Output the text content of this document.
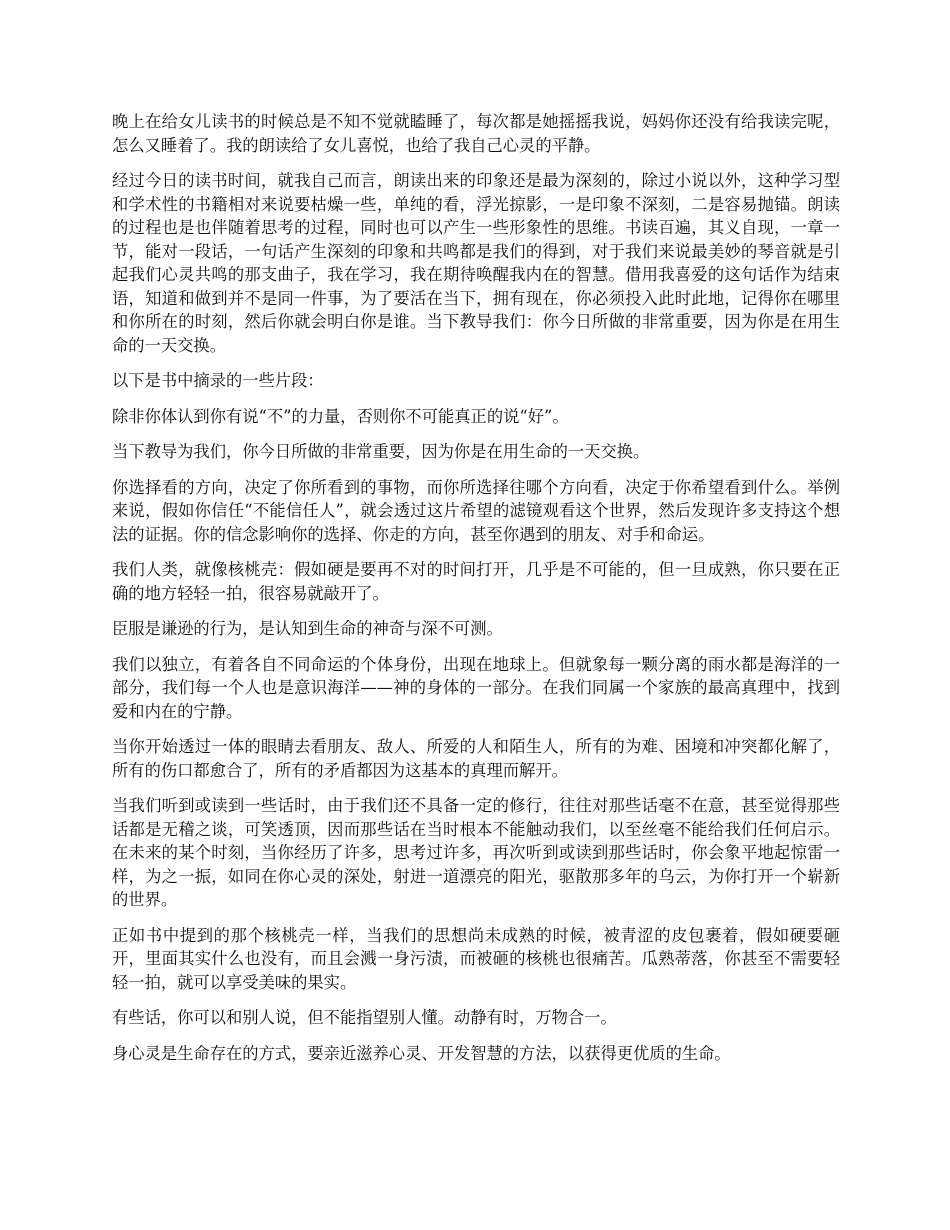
晚上在给女儿读书的时候总是不知不觉就瞌睡了，每次都是她摇摇我说，妈妈你还没有给我读完呢，怎么又睡着了。我的朗读给了女儿喜悦，也给了我自己心灵的平静。

经过今日的读书时间，就我自己而言，朗读出来的印象还是最为深刻的，除过小说以外，这种学习型和学术性的书籍相对来说要枯燥一些，单纯的看，浮光掠影，一是印象不深刻，二是容易抛锚。朗读的过程也是也伴随着思考的过程，同时也可以产生一些形象性的思维。书读百遍，其义自现，一章一节，能对一段话，一句话产生深刻的印象和共鸣都是我们的得到，对于我们来说最美妙的琴音就是引起我们心灵共鸣的那支曲子，我在学习，我在期待唤醒我内在的智慧。借用我喜爱的这句话作为结束语，知道和做到并不是同一件事，为了要活在当下，拥有现在，你必须投入此时此地，记得你在哪里和你所在的时刻，然后你就会明白你是谁。当下教导我们：你今日所做的非常重要，因为你是在用生命的一天交换。

以下是书中摘录的一些片段：

除非你体认到你有说“不”的力量，否则你不可能真正的说“好”。

当下教导为我们，你今日所做的非常重要，因为你是在用生命的一天交换。

你选择看的方向，决定了你所看到的事物，而你所选择往哪个方向看，决定于你希望看到什么。举例来说，假如你信任“不能信任人”，就会透过这片希望的滤镜观看这个世界，然后发现许多支持这个想法的证据。你的信念影响你的选择、你走的方向，甚至你遇到的朋友、对手和命运。

我们人类，就像核桃壳：假如硬是要再不对的时间打开，几乎是不可能的，但一旦成熟，你只要在正确的地方轻轻一拍，很容易就敲开了。

臣服是谦逊的行为，是认知到生命的神奇与深不可测。

我们以独立，有着各自不同命运的个体身份，出现在地球上。但就象每一颗分离的雨水都是海洋的一部分，我们每一个人也是意识海洋——神的身体的一部分。在我们同属一个家族的最高真理中，找到爱和内在的宁静。

当你开始透过一体的眼睛去看朋友、敌人、所爱的人和陌生人，所有的为难、困境和冲突都化解了，所有的伤口都愈合了，所有的矛盾都因为这基本的真理而解开。

当我们听到或读到一些话时，由于我们还不具备一定的修行，往往对那些话毫不在意，甚至觉得那些话都是无稽之谈，可笑透顶，因而那些话在当时根本不能触动我们，以至丝毫不能给我们任何启示。在未来的某个时刻，当你经历了许多，思考过许多，再次听到或读到那些话时，你会象平地起惊雷一样，为之一振，如同在你心灵的深处，射进一道漂亮的阳光，驱散那多年的乌云，为你打开一个崭新的世界。

正如书中提到的那个核桃壳一样，当我们的思想尚未成熟的时候，被青涩的皮包裹着，假如硬要砸开，里面其实什么也没有，而且会溅一身污渍，而被砸的核桃也很痛苦。瓜熟蒂落，你甚至不需要轻轻一拍，就可以享受美味的果实。

有些话，你可以和别人说，但不能指望别人懂。动静有时，万物合一。

身心灵是生命存在的方式，要亲近滋养心灵、开发智慧的方法，以获得更优质的生命。
